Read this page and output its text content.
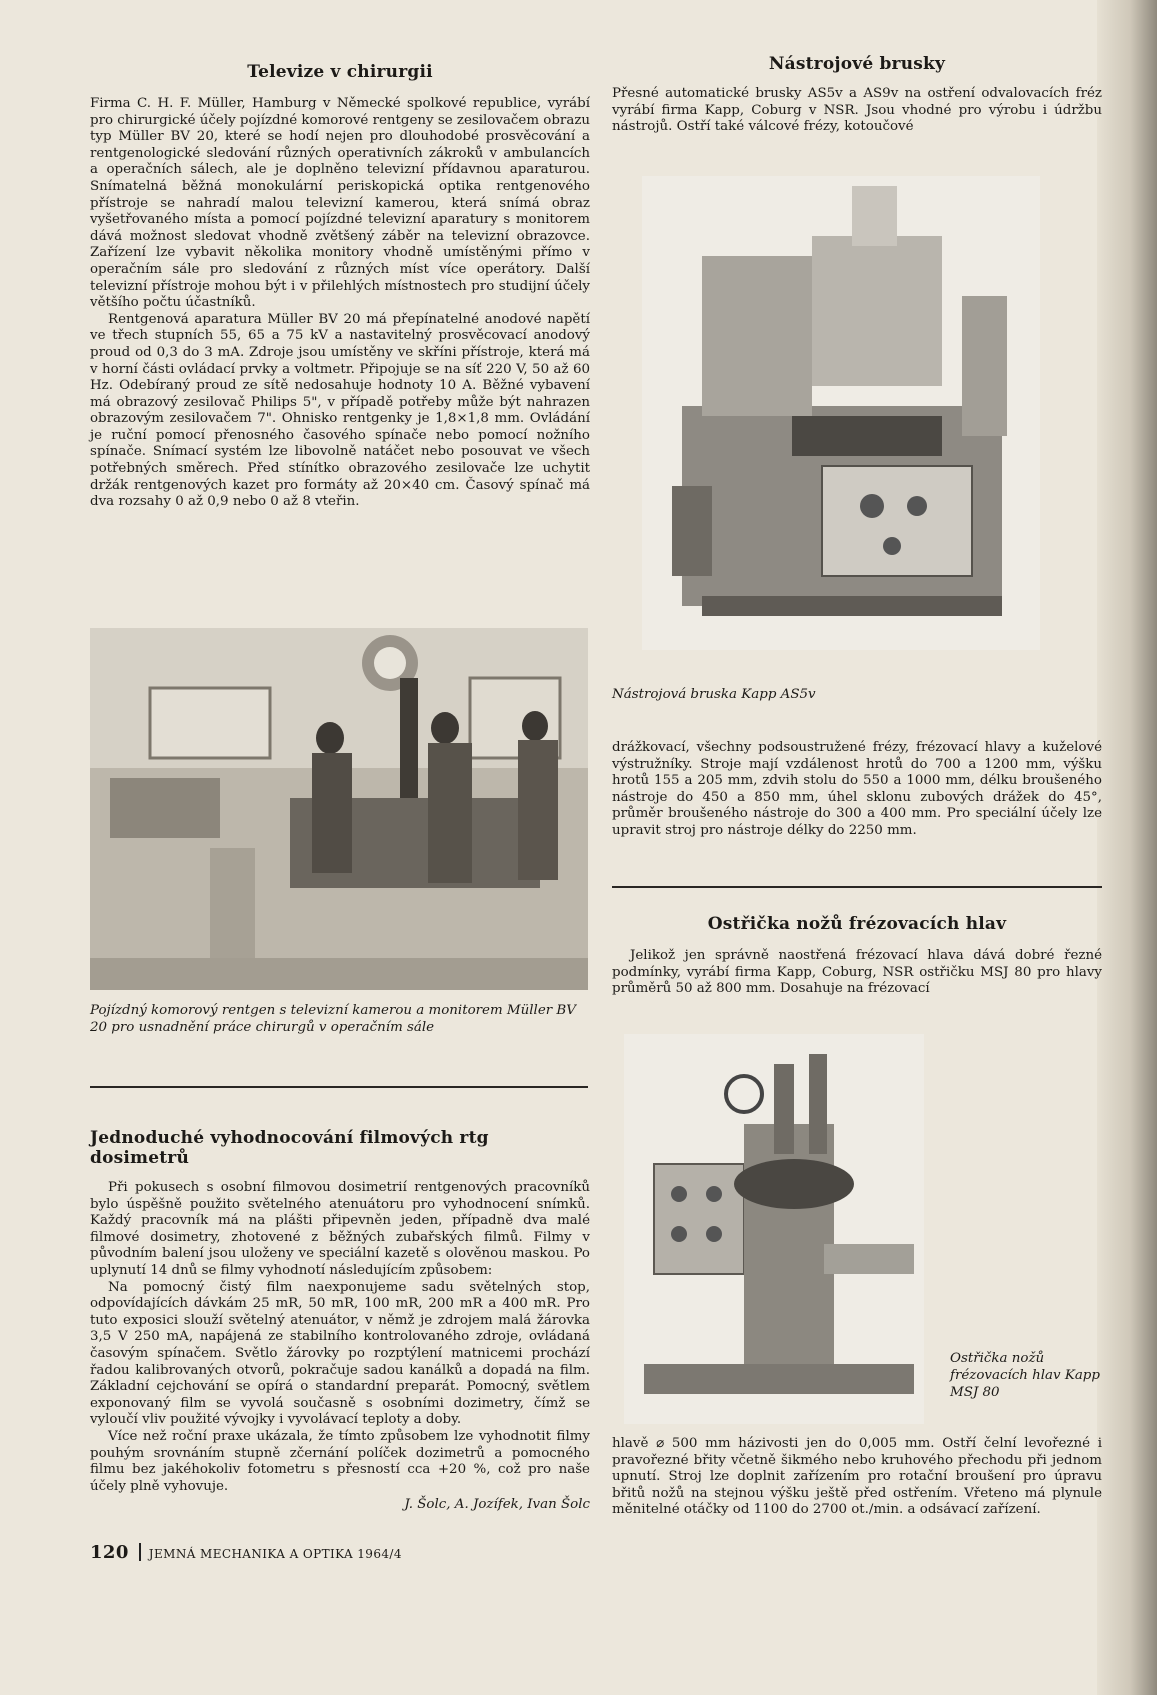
Televize v chirurgii

Firma C. H. F. Müller, Hamburg v Německé spolkové republice, vyrábí pro chirurgické účely pojízdné komorové rentgeny se zesilovačem obrazu typ Müller BV 20, které se hodí nejen pro dlouhodobé prosvěcování a rentgenologické sledování různých operativních zákroků v ambulancích a operačních sálech, ale je doplněno televizní přídavnou aparaturou. Snímatelná běžná monokulární periskopická optika rentgenového přístroje se nahradí malou televizní kamerou, která snímá obraz vyšetřovaného místa a pomocí pojízdné televizní aparatury s monitorem dává možnost sledovat vhodně zvětšený záběr na televizní obrazovce. Zařízení lze vybavit několika monitory vhodně umístěnými přímo v operačním sále pro sledování z různých míst více operátory. Další televizní přístroje mohou být i v přilehlých místnostech pro studijní účely většího počtu účastníků.

Rentgenová aparatura Müller BV 20 má přepínatelné anodové napětí ve třech stupních 55, 65 a 75 kV a nastavitelný prosvěcovací anodový proud od 0,3 do 3 mA. Zdroje jsou umístěny ve skříni přístroje, která má v horní části ovládací prvky a voltmetr. Připojuje se na síť 220 V, 50 až 60 Hz. Odebíraný proud ze sítě nedosahuje hodnoty 10 A. Běžné vybavení má obrazový zesilovač Philips 5", v případě potřeby může být nahrazen obrazovým zesilovačem 7". Ohnisko rentgenky je 1,8×1,8 mm. Ovládání je ruční pomocí přenosného časového spínače nebo pomocí nožního spínače. Snímací systém lze libovolně natáčet nebo posouvat ve všech potřebných směrech. Před stínítko obrazového zesilovače lze uchytit držák rentgenových kazet pro formáty až 20×40 cm. Časový spínač má dva rozsahy 0 až 0,9 nebo 0 až 8 vteřin.

Pojízdný komorový rentgen s televizní kamerou a monitorem Müller BV 20 pro usnadnění práce chirurgů v operačním sále
Jednoduché vyhodnocování filmových rtg dosimetrů

Při pokusech s osobní filmovou dosimetrií rentgenových pracovníků bylo úspěšně použito světelného atenuátoru pro vyhodnocení snímků. Každý pracovník má na plášti připevněn jeden, případně dva malé filmové dosimetry, zhotovené z běžných zubařských filmů. Filmy v původním balení jsou uloženy ve speciální kazetě s olověnou maskou. Po uplynutí 14 dnů se filmy vyhodnotí následujícím způsobem:

Na pomocný čistý film naexponujeme sadu světelných stop, odpovídajících dávkám 25 mR, 50 mR, 100 mR, 200 mR a 400 mR. Pro tuto exposici slouží světelný atenuátor, v němž je zdrojem malá žárovka 3,5 V 250 mA, napájená ze stabilního kontrolovaného zdroje, ovládaná časovým spínačem. Světlo žárovky po rozptýlení matnicemi prochází řadou kalibrovaných otvorů, pokračuje sadou kanálků a dopadá na film. Základní cejchování se opírá o standardní preparát. Pomocný, světlem exponovaný film se vyvolá současně s osobními dozimetry, čímž se vyloučí vliv použité vývojky i vyvolávací teploty a doby.

Více než roční praxe ukázala, že tímto způsobem lze vyhodnotit filmy pouhým srovnáním stupně zčernání políček dozimetrů a pomocného filmu bez jakéhokoliv fotometru s přesností cca +20 %, což pro naše účely plně vyhovuje.

J. Šolc, A. Jozífek, Ivan Šolc
120 JEMNÁ MECHANIKA A OPTIKA 1964/4
Nástrojové brusky

Přesné automatické brusky AS5v a AS9v na ostření odvalovacích fréz vyrábí firma Kapp, Coburg v NSR. Jsou vhodné pro výrobu i údržbu nástrojů. Ostří také válcové frézy, kotoučové

Nástrojová bruska Kapp AS5v

drážkovací, všechny podsoustružené frézy, frézovací hlavy a kuželové výstružníky. Stroje mají vzdálenost hrotů do 700 a 1200 mm, výšku hrotů 155 a 205 mm, zdvih stolu do 550 a 1000 mm, délku broušeného nástroje do 450 a 850 mm, úhel sklonu zubových drážek do 45°, průměr broušeného nástroje do 300 a 400 mm. Pro speciální účely lze upravit stroj pro nástroje délky do 2250 mm.

Ostřička nožů frézovacích hlav

Jelikož jen správně naostřená frézovací hlava dává dobré řezné podmínky, vyrábí firma Kapp, Coburg, NSR ostřičku MSJ 80 pro hlavy průměrů 50 až 800 mm. Dosahuje na frézovací

Ostřička nožů frézovacích hlav Kapp MSJ 80

hlavě ⌀ 500 mm házivosti jen do 0,005 mm. Ostří čelní levořezné i pravořezné břity včetně šikmého nebo kruhového přechodu při jednom upnutí. Stroj lze doplnit zařízením pro rotační broušení pro úpravu břitů nožů na stejnou výšku ještě před ostřením. Vřeteno má plynule měnitelné otáčky od 1100 do 2700 ot./min. a odsávací zařízení.
